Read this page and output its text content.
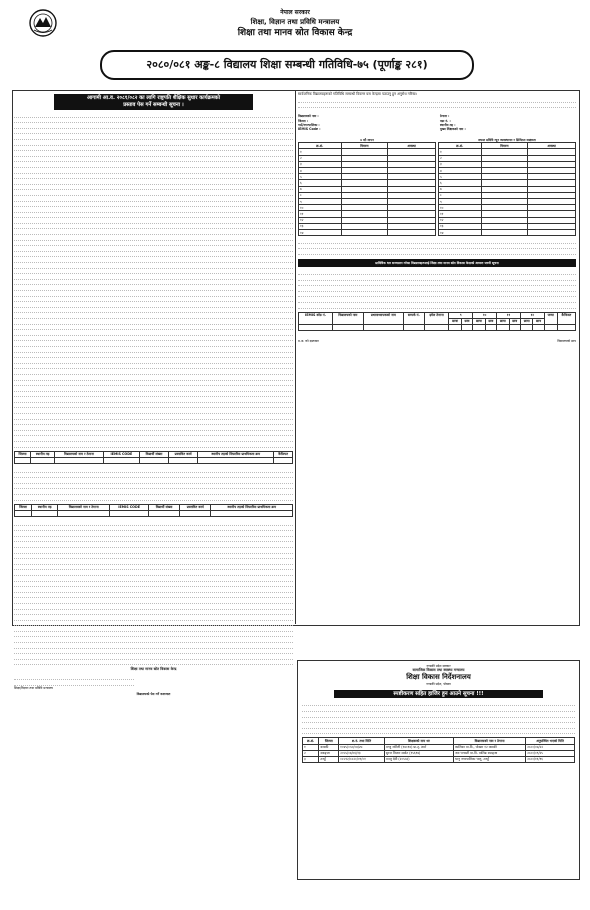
नेपाल सरकार
शिक्षा, विज्ञान तथा प्रविधि मन्त्रालय
शिक्षा तथा मानव स्रोत विकास केन्द्र
२०८०/०८१ अङ्क-८ विद्यालय शिक्षा सम्बन्धी गतिविधि-७५ (पूर्णाङ्क २८१)
आगामी आ.व. २०८१/०८२ का लागि राष्ट्रपति शैक्षिक सुधार कार्यक्रमको
प्रस्ताव पेस गर्ने सम्बन्धी सूचना ।
जिल्ला	स्थानीय तह	विद्यालयको नाम र ठेगाना	IEMIS CODE	विद्यार्थी संख्या	प्रस्तावित कार्य	स्थानीय तहको सिफारिस प्राथमिकता क्रम	कैफियत

जिल्ला	स्थानीय तह	विद्यालयको नाम र ठेगाना	IEMIS CODE	विद्यार्थी संख्या	प्रस्तावित कार्य	स्थानीय तहको सिफारिस प्राथमिकता क्रम

शिक्षा तथा मानव स्रोत विकास केन्द्र
शिक्षा/विज्ञान तथा प्रविधि मन्त्रालय
विद्यालयको पेस गर्ने कागजात
सार्वजनिक विद्यालयहरूको गतिविधि सम्बन्धी विवरण यस केन्द्रमा पठाउनु हुन अनुरोध गरिन्छ।
विद्यालयको नाम :	ठेगाना :
जिल्ला :	वडा नं. :
गाउँ/नगरपालिका :	स्थानीय तह :
IEMIS Code :	मुख्य शिक्षकको नाम :
४ वटै मापन
क्र.सं.	विवरण	अवस्था
१		
२		
३		
४		
५		
६		
७		
८		
९		
१०		
११		
१२		
१३		
१४		
सफल प्रविधि न्यून व्यवस्थापन र डिजिटल साक्षरता
क्र.सं.	विवरण	अवस्था
१		
२		
३		
४		
५		
६		
७		
८		
९		
१०		
११		
१२		
१३		
१४		
प्राविधिक धार सञ्चालन गरेका विद्यालयहरूलाई शिक्षा तथा मानव स्रोत विकास केन्द्रको अत्यन्त जरुरी सूचना
IEMIS कोड नं.	विद्यालयको नाम	प्रधानाध्यापकको नाम	सम्पर्क नं.	इमेल ठेगाना	९		१०		११		१२		जम्मा	कैफियत
					छात्रा	छात्र	छात्रा	छात्र	छात्रा	छात्र	छात्रा	छात्र		

प्र.अ. को दस्तखत	विद्यालयको छाप
गण्डकी प्रदेश सरकार
सामाजिक विकास तथा स्वास्थ्य मन्त्रालय
शिक्षा विकास निर्देशनालय
गण्डकी प्रदेश, पोखरा
स्पष्टीकरण सहित हाजिर हुन आउने सूचना !!!
क्र.सं.	जिल्ला	श.नं. तथा मिति	शिक्षकको नाम थर	विद्यालयको नाम र ठेगाना	अनुपस्थित भएको मिति
१	कास्की	१०४५/०५०/०४/२७	मन्जु जमिनी (१७०१४) प्रा.तृ. शर्मा	कालिका मा.वि., पोखरा १२ कास्की	२०८०/०७/२२
२	स्याङ्जा	२०५५/०७/०६/१३	सुरज मिजार सर्वात (१५६९७)	जय भगवती मा.वि. वालिङ स्याङ्जा	२०८०/०९/२५
३	तनहुँ	०८५९२/०८२०/०९/०१	मञ्जु देवी (२०५५६)	भानु नगरपालिका भानु, तनहुँ	२०८०/११/१६
